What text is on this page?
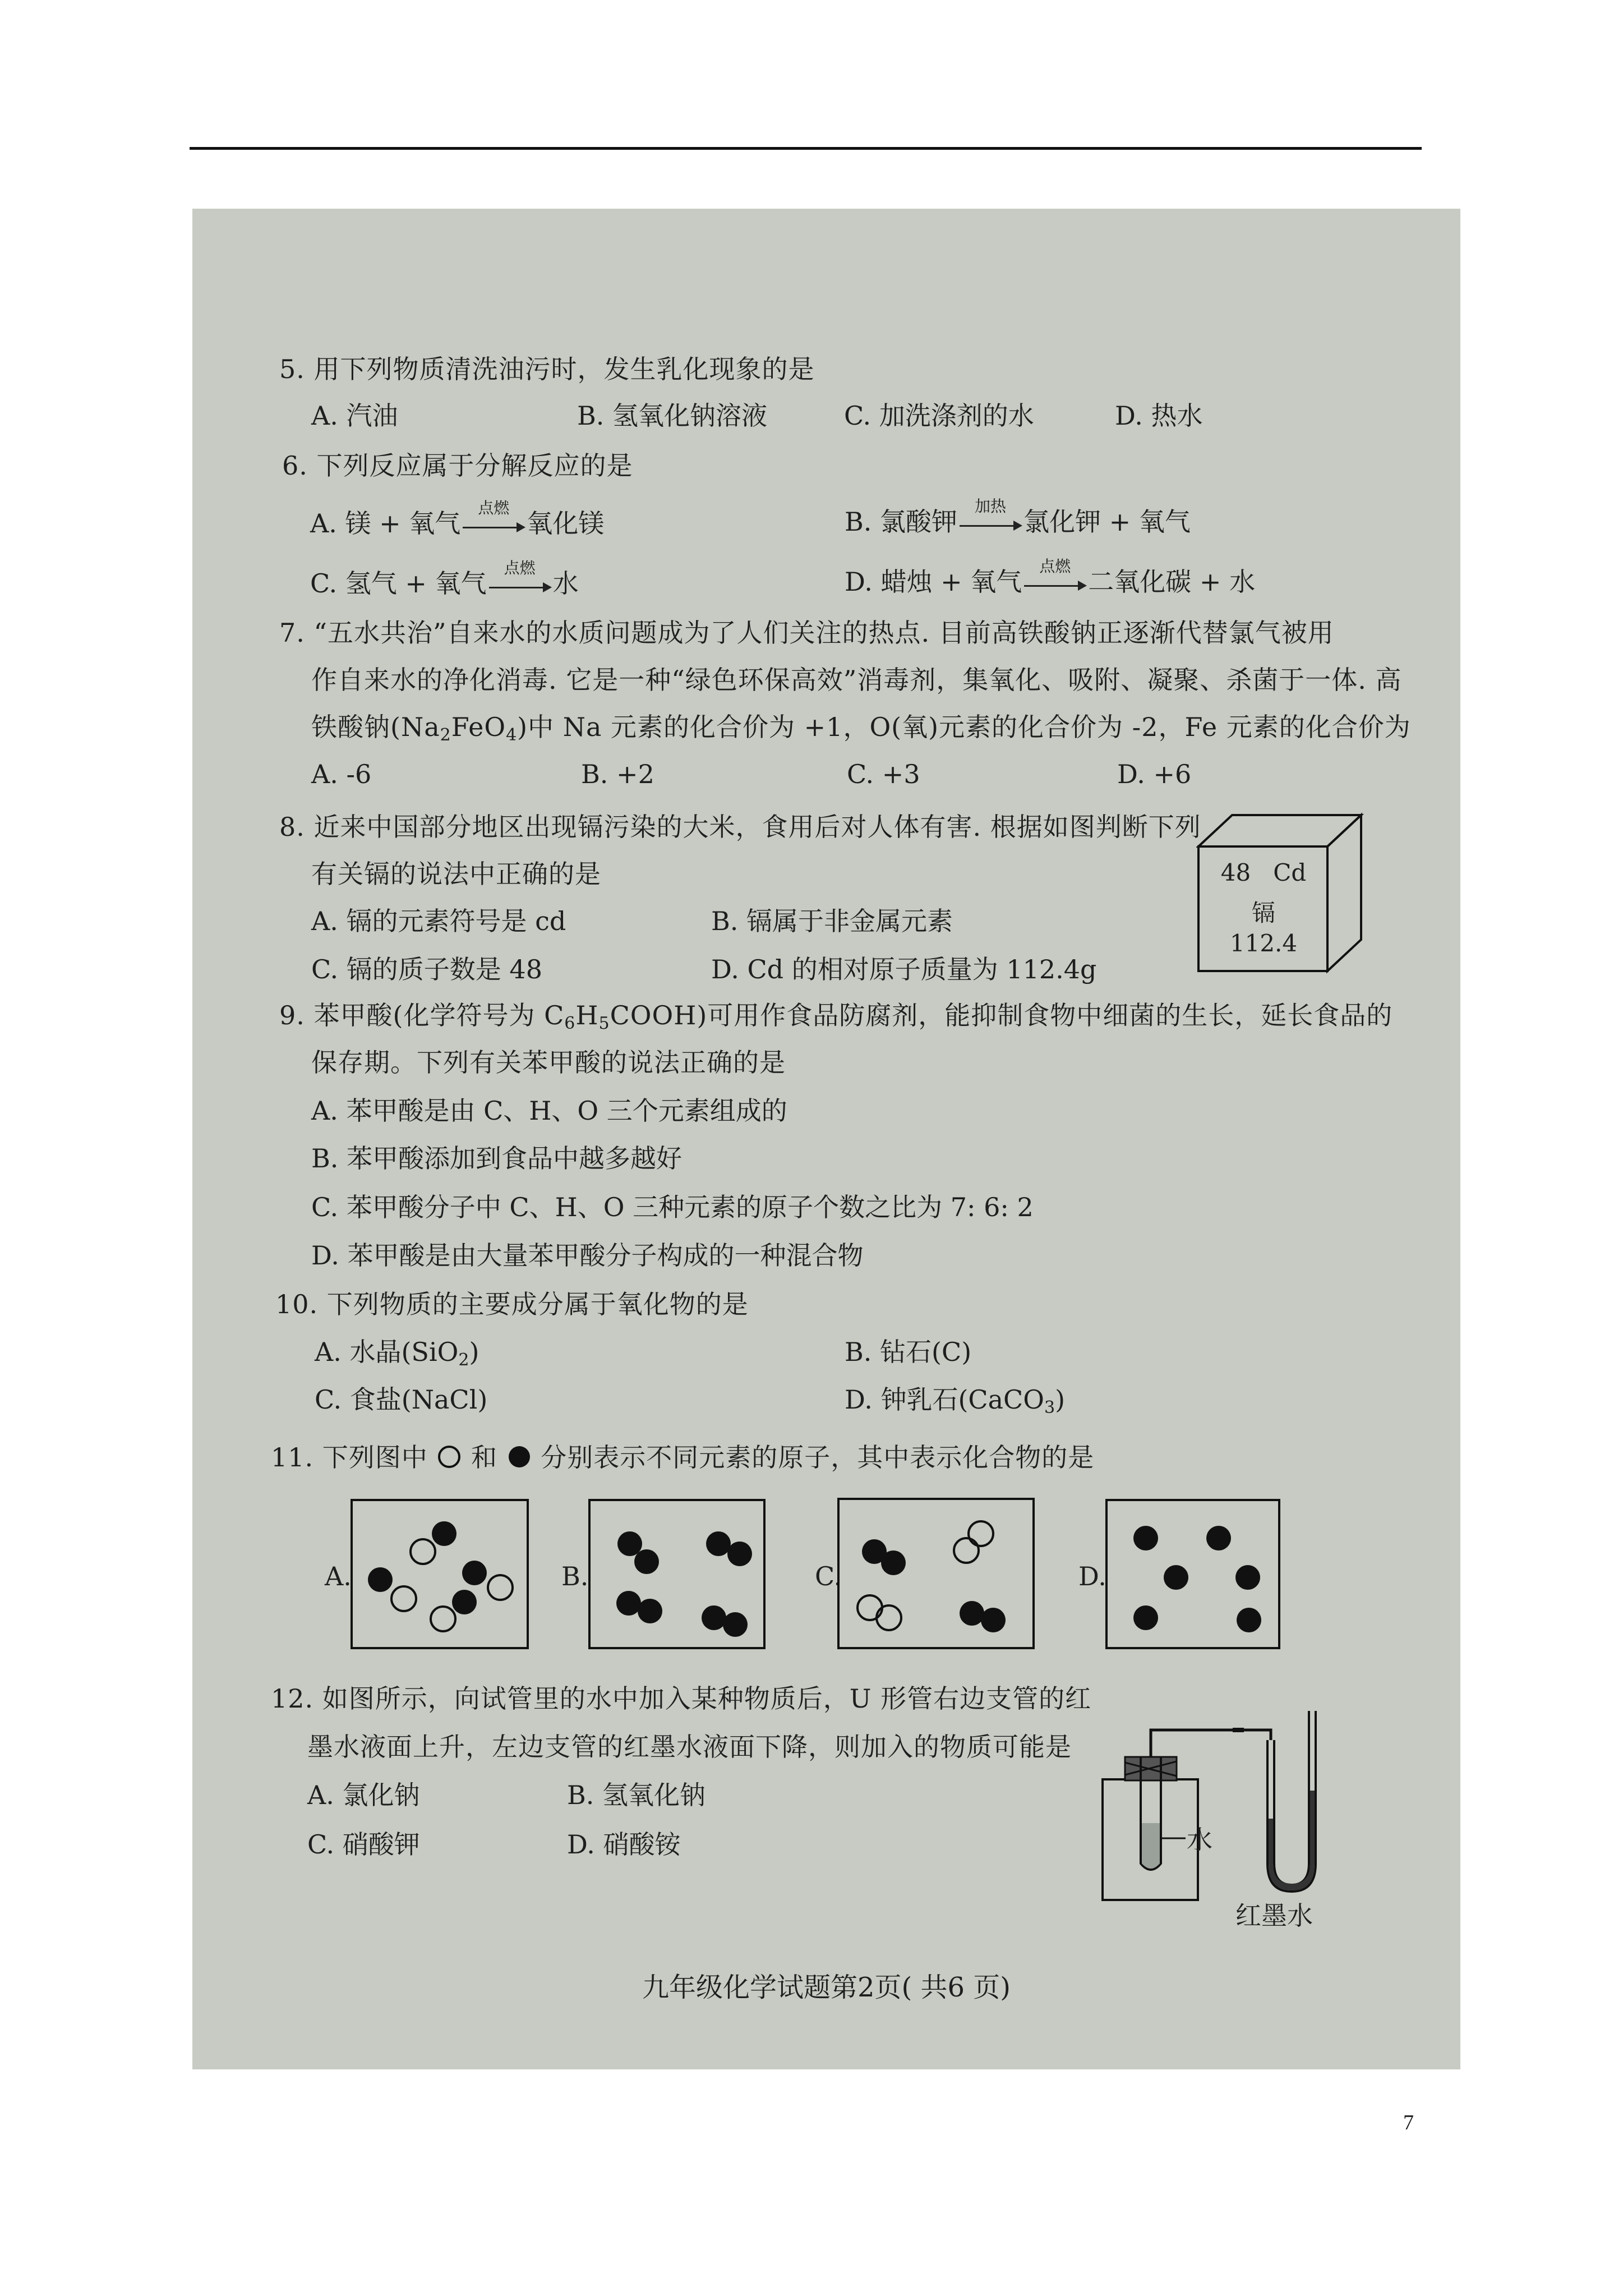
5. 用下列物质清洗油污时，发生乳化现象的是
A. 汽油	B. 氢氧化钠溶液	C. 加洗涤剂的水	D. 热水
6. 下列反应属于分解反应的是
A. 镁 + 氧气
点燃
氧化镁	B. 氯酸钾
加热
氯化钾 + 氧气
C. 氢气 + 氧气
点燃
水	D. 蜡烛 + 氧气
点燃
二氧化碳 + 水
7. “五水共治”自来水的水质问题成为了人们关注的热点. 目前高铁酸钠正逐渐代替氯气被用
作自来水的净化消毒. 它是一种“绿色环保高效”消毒剂，集氧化、吸附、凝聚、杀菌于一体. 高
铁酸钠$(Na_2FeO_4)$中 Na 元素的化合价为 +1，O(氧)元素的化合价为 -2，Fe 元素的化合价为
A. -6	B. +2	C. +3	D. +6
8. 近来中国部分地区出现镉污染的大米，食用后对人体有害. 根据如图判断下列
有关镉的说法中正确的是
A. 镉的元素符号是 cd	B. 镉属于非金属元素
C. 镉的质子数是 48	D. Cd 的相对原子质量为 112.4g
48 Cd
镉
112.4
9. 苯甲酸(化学符号为 $C_6H_5COOH$)可用作食品防腐剂，能抑制食物中细菌的生长，延长食品的
保存期。下列有关苯甲酸的说法正确的是
A. 苯甲酸是由 C、H、O 三个元素组成的
B. 苯甲酸添加到食品中越多越好
C. 苯甲酸分子中 C、H、O 三种元素的原子个数之比为 7: 6: 2
D. 苯甲酸是由大量苯甲酸分子构成的一种混合物
10. 下列物质的主要成分属于氧化物的是
A. 水晶(SiO$_2$)	B. 钻石(C)
C. 食盐(NaCl)	D. 钟乳石(CaCO$_3$)
11. 下列图中 和 分别表示不同元素的原子，其中表示化合物的是
A.	B.	C.	D.
12. 如图所示，向试管里的水中加入某种物质后，U 形管右边支管的红
墨水液面上升，左边支管的红墨水液面下降，则加入的物质可能是
A. 氯化钠	B. 氢氧化钠
C. 硝酸钾	D. 硝酸铵	水
红墨水
九年级化学试题第2页( 共6 页)
7
